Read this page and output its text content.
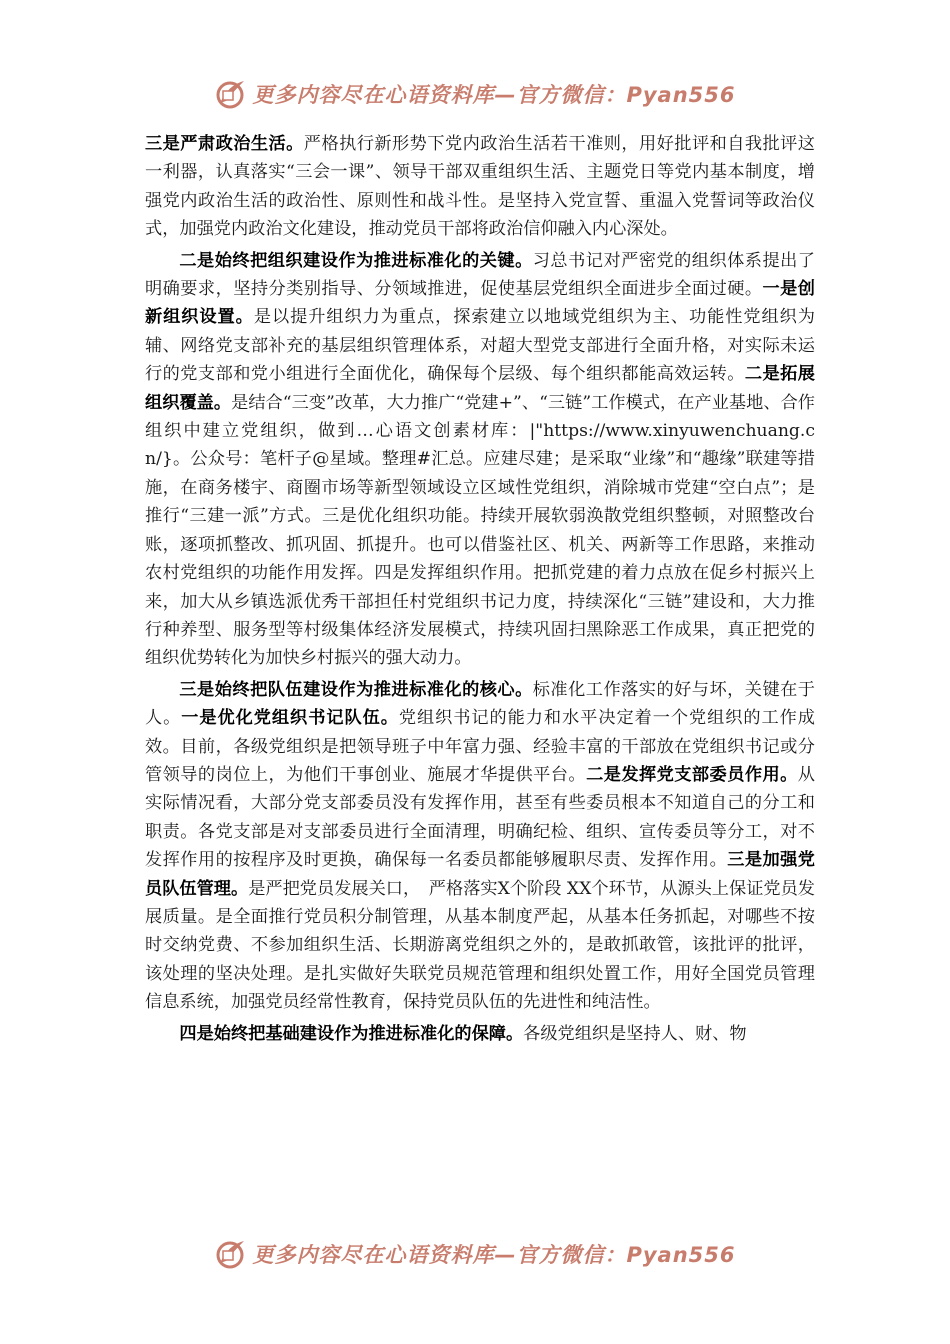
更多内容尽在心语资料库—官方微信：Pyan556

三是严肃政治生活。严格执行新形势下党内政治生活若干准则，用好批评和自我批评这一利器，认真落实“三会一课”、领导干部双重组织生活、主题党日等党内基本制度，增强党内政治生活的政治性、原则性和战斗性。是坚持入党宣誓、重温入党誓词等政治仪式，加强党内政治文化建设，推动党员干部将政治信仰融入内心深处。

二是始终把组织建设作为推进标准化的关键。习总书记对严密党的组织体系提出了明确要求，坚持分类别指导、分领域推进，促使基层党组织全面进步全面过硬。一是创新组织设置。是以提升组织力为重点，探索建立以地域党组织为主、功能性党组织为辅、网络党支部补充的基层组织管理体系，对超大型党支部进行全面升格，对实际未运行的党支部和党小组进行全面优化，确保每个层级、每个组织都能高效运转。二是拓展组织覆盖。是结合“三变”改革，大力推广“党建+”、“三链”工作模式，在产业基地、合作组织中建立党组织，做到…心语文创素材库：|"https://www.xinyuwenchuang.cn/}。公众号：笔杆子@星域。整理#汇总。应建尽建；是采取“业缘”和“趣缘”联建等措施，在商务楼宇、商圈市场等新型领域设立区域性党组织，消除城市党建“空白点”；是推行“三建一派”方式。三是优化组织功能。持续开展软弱涣散党组织整顿，对照整改台账，逐项抓整改、抓巩固、抓提升。也可以借鉴社区、机关、两新等工作思路，来推动农村党组织的功能作用发挥。四是发挥组织作用。把抓党建的着力点放在促乡村振兴上来，加大从乡镇选派优秀干部担任村党组织书记力度，持续深化“三链”建设和，大力推行种养型、服务型等村级集体经济发展模式，持续巩固扫黑除恶工作成果，真正把党的组织优势转化为加快乡村振兴的强大动力。

三是始终把队伍建设作为推进标准化的核心。标准化工作落实的好与坏，关键在于人。一是优化党组织书记队伍。党组织书记的能力和水平决定着一个党组织的工作成效。目前，各级党组织是把领导班子中年富力强、经验丰富的干部放在党组织书记或分管领导的岗位上，为他们干事创业、施展才华提供平台。二是发挥党支部委员作用。从实际情况看，大部分党支部委员没有发挥作用，甚至有些委员根本不知道自己的分工和职责。各党支部是对支部委员进行全面清理，明确纪检、组织、宣传委员等分工，对不发挥作用的按程序及时更换，确保每一名委员都能够履职尽责、发挥作用。三是加强党员队伍管理。是严把党员发展关口，　严格落实X个阶段 XX个环节，从源头上保证党员发展质量。是全面推行党员积分制管理，从基本制度严起，从基本任务抓起，对哪些不按时交纳党费、不参加组织生活、长期游离党组织之外的，是敢抓敢管，该批评的批评，该处理的坚决处理。是扎实做好失联党员规范管理和组织处置工作，用好全国党员管理信息系统，加强党员经常性教育，保持党员队伍的先进性和纯洁性。

四是始终把基础建设作为推进标准化的保障。各级党组织是坚持人、财、物

更多内容尽在心语资料库—官方微信：Pyan556
